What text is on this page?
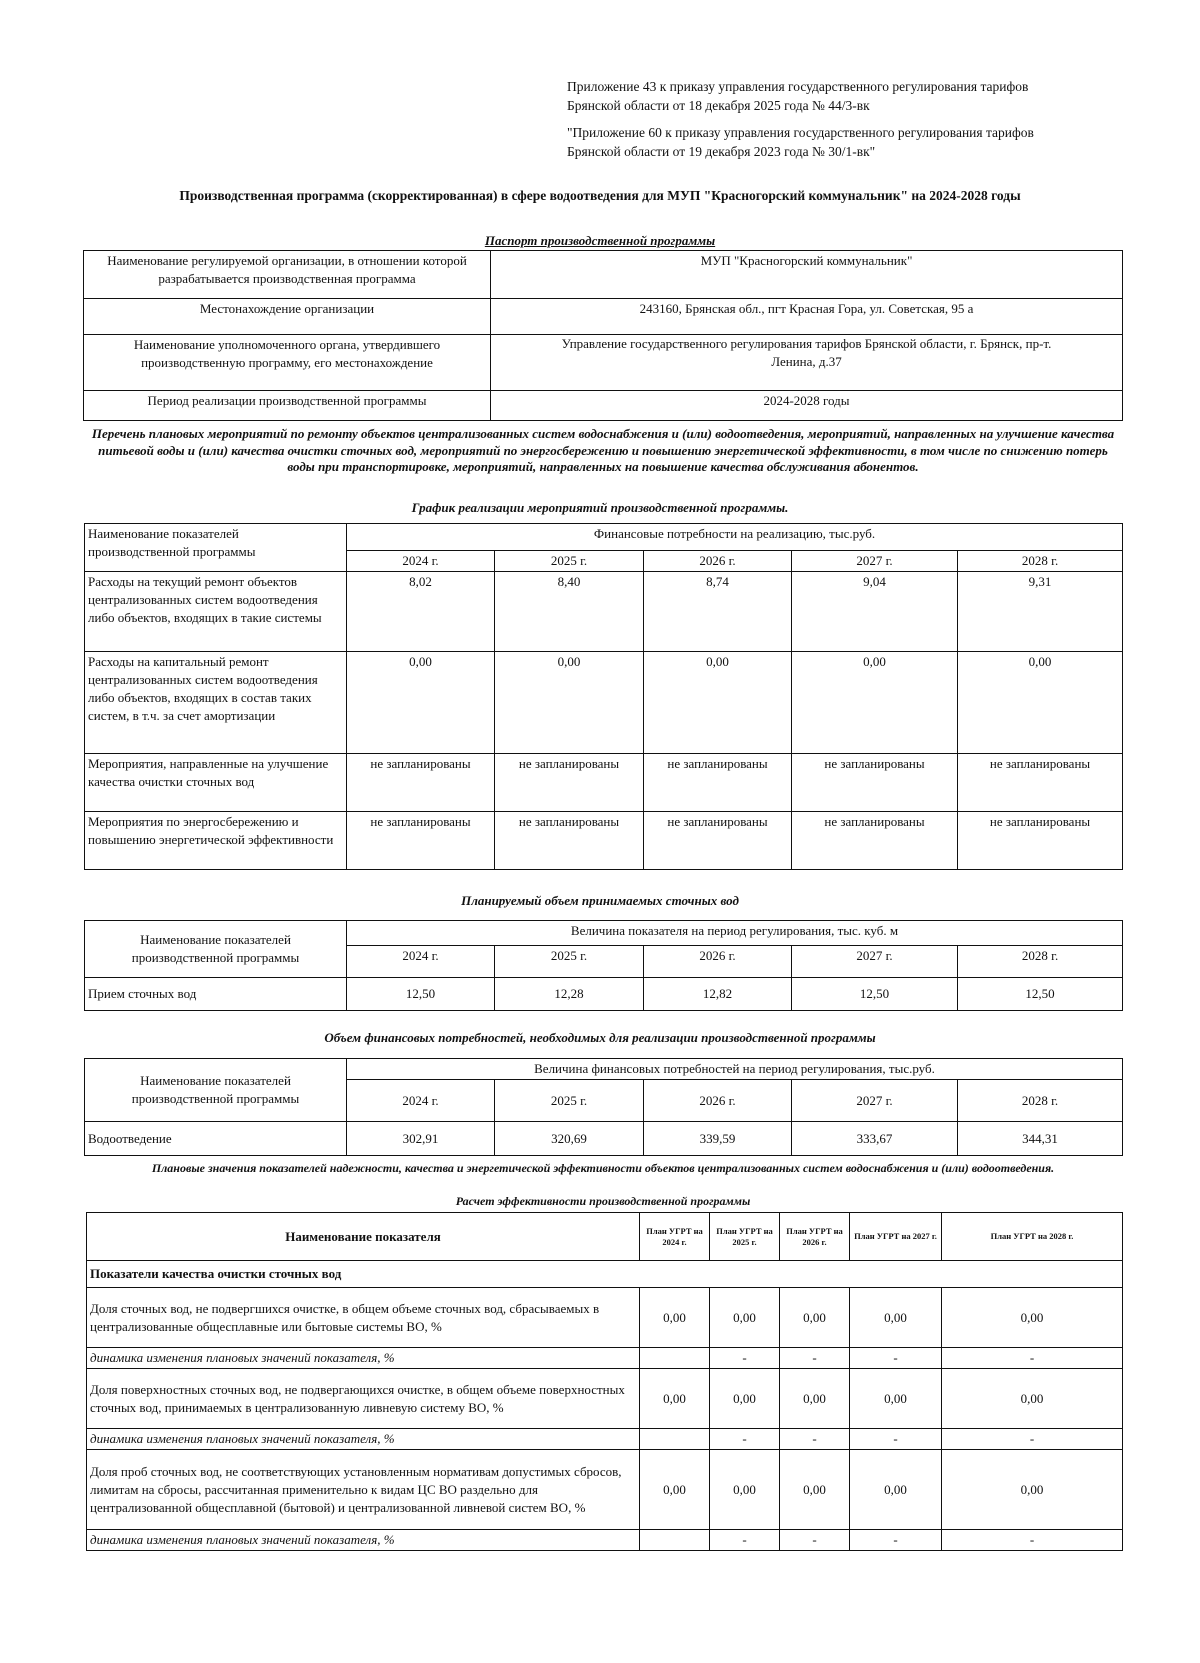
Приложение 43 к приказу управления государственного регулирования тарифов
Брянской области от 18 декабря 2025 года № 44/3-вк
"Приложение 60 к приказу управления государственного регулирования тарифов
Брянской области от 19 декабря 2023 года № 30/1-вк"
Производственная программа (скорректированная) в сфере водоотведения для МУП "Красногорский коммунальник" на 2024-2028 годы
Паспорт производственной программы
Наименование регулируемой организации, в отношении которой разрабатывается производственная программа	МУП "Красногорский коммунальник"
Местонахождение организации	243160, Брянская обл., пгт Красная Гора, ул. Советская, 95 а
Наименование уполномоченного органа, утвердившего производственную программу, его местонахождение	Управление государственного регулирования тарифов Брянской области, г. Брянск, пр-т. Ленина, д.37
Период реализации производственной программы	2024-2028 годы
Перечень плановых мероприятий по ремонту объектов централизованных систем водоснабжения и (или) водоотведения, мероприятий, направленных на улучшение качества питьевой воды и (или) качества очистки сточных вод, мероприятий по энергосбережению и повышению энергетической эффективности, в том числе по снижению потерь воды при транспортировке, мероприятий, направленных на повышение качества обслуживания абонентов.
График реализации мероприятий производственной программы.
Наименование показателей производственной программы	Финансовые потребности на реализацию, тыс.руб.				
	2024 г.	2025 г.	2026 г.	2027 г.	2028 г.
Расходы на текущий ремонт объектов централизованных систем водоотведения либо объектов, входящих в такие системы	8,02	8,40	8,74	9,04	9,31
Расходы на капитальный ремонт централизованных систем водоотведения либо объектов, входящих в состав таких систем, в т.ч. за счет амортизации	0,00	0,00	0,00	0,00	0,00
Мероприятия, направленные на улучшение качества очистки сточных вод	не запланированы	не запланированы	не запланированы	не запланированы	не запланированы
Мероприятия по энергосбережению и повышению энергетической эффективности	не запланированы	не запланированы	не запланированы	не запланированы	не запланированы
Планируемый объем принимаемых сточных вод
Наименование показателей производственной программы	Величина показателя на период регулирования, тыс. куб. м				
	2024 г.	2025 г.	2026 г.	2027 г.	2028 г.
Прием сточных вод	12,50	12,28	12,82	12,50	12,50
Объем финансовых потребностей, необходимых для реализации производственной программы
Наименование показателей производственной программы	Величина финансовых потребностей на период регулирования, тыс.руб.				
	2024 г.	2025 г.	2026 г.	2027 г.	2028 г.
Водоотведение	302,91	320,69	339,59	333,67	344,31
Плановые значения показателей надежности, качества и энергетической эффективности объектов централизованных систем водоснабжения и (или) водоотведения.
Расчет эффективности производственной программы
Наименование показателя	План УГРТ на 2024 г.	План УГРТ на 2025 г.	План УГРТ на 2026 г.	План УГРТ на 2027 г.	План УГРТ на 2028 г.
Показатели качества очистки сточных вод					
Доля сточных вод, не подвергшихся очистке, в общем объеме сточных вод, сбрасываемых в централизованные общесплавные или бытовые системы ВО, %	0,00	0,00	0,00	0,00	0,00
динамика изменения плановых значений показателя, %		-	-	-	-
Доля поверхностных сточных вод, не подвергающихся очистке, в общем объеме поверхностных сточных вод, принимаемых в централизованную ливневую систему ВО, %	0,00	0,00	0,00	0,00	0,00
динамика изменения плановых значений показателя, %		-	-	-	-
Доля проб сточных вод, не соответствующих установленным нормативам допустимых сбросов, лимитам на сбросы, рассчитанная применительно к видам ЦС ВО раздельно для централизованной общесплавной (бытовой) и централизованной ливневой систем ВО, %	0,00	0,00	0,00	0,00	0,00
динамика изменения плановых значений показателя, %		-	-	-	-
